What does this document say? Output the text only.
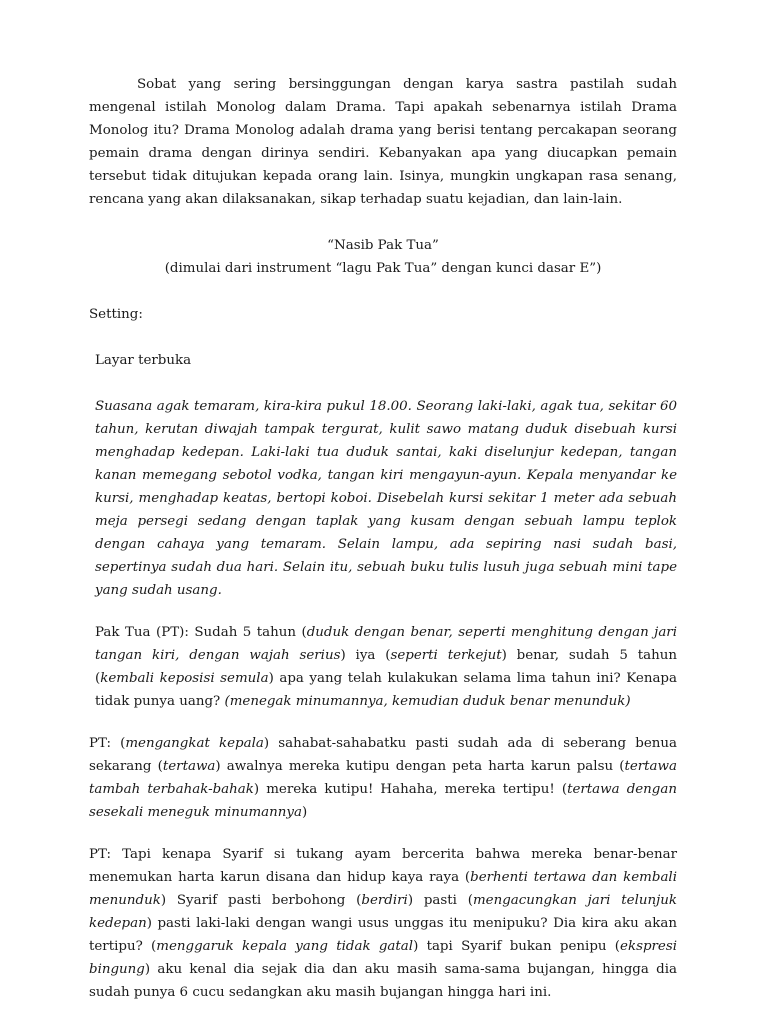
Sobat yang sering bersinggungan dengan karya sastra pastilah sudah mengenal istilah Monolog dalam Drama. Tapi apakah sebenarnya istilah Drama Monolog itu? Drama Monolog adalah drama yang berisi tentang percakapan seorang pemain drama dengan dirinya sendiri. Kebanyakan apa yang diucapkan pemain tersebut tidak ditujukan kepada orang lain. Isinya, mungkin ungkapan rasa senang, rencana yang akan dilaksanakan, sikap terhadap suatu kejadian, dan lain-lain.

“Nasib Pak Tua”

(dimulai dari instrument “lagu Pak Tua” dengan kunci dasar E”)

Setting:

Layar terbuka

Suasana agak temaram, kira-kira pukul 18.00. Seorang laki-laki, agak tua, sekitar 60 tahun, kerutan diwajah tampak tergurat, kulit sawo matang duduk disebuah kursi menghadap kedepan. Laki-laki tua duduk santai, kaki diselunjur kedepan, tangan kanan memegang sebotol vodka, tangan kiri mengayun-ayun. Kepala menyandar ke kursi, menghadap keatas, bertopi koboi. Disebelah kursi sekitar 1 meter ada sebuah meja persegi sedang dengan taplak yang kusam dengan sebuah lampu teplok dengan cahaya yang temaram. Selain lampu, ada sepiring nasi sudah basi, sepertinya sudah dua hari. Selain itu, sebuah buku tulis lusuh juga sebuah mini tape yang sudah usang.

Pak Tua (PT): Sudah 5 tahun (duduk dengan benar, seperti menghitung dengan jari tangan kiri, dengan wajah serius) iya (seperti terkejut) benar, sudah 5 tahun (kembali keposisi semula) apa yang telah kulakukan selama lima tahun ini? Kenapa tidak punya uang? (menegak minumannya, kemudian duduk benar menunduk)

PT: (mengangkat kepala) sahabat-sahabatku pasti sudah ada di seberang benua sekarang (tertawa) awalnya mereka kutipu dengan peta harta karun palsu (tertawa tambah terbahak-bahak) mereka kutipu! Hahaha, mereka tertipu! (tertawa dengan sesekali meneguk minumannya)

PT: Tapi kenapa Syarif si tukang ayam bercerita bahwa mereka benar-benar menemukan harta karun disana dan hidup kaya raya (berhenti tertawa dan kembali menunduk) Syarif pasti berbohong (berdiri) pasti (mengacungkan jari telunjuk kedepan) pasti laki-laki dengan wangi usus unggas itu menipuku? Dia kira aku akan tertipu? (menggaruk kepala yang tidak gatal) tapi Syarif bukan penipu (ekspresi bingung) aku kenal dia sejak dia dan aku masih sama-sama bujangan, hingga dia sudah punya 6 cucu sedangkan aku masih bujangan hingga hari ini.
